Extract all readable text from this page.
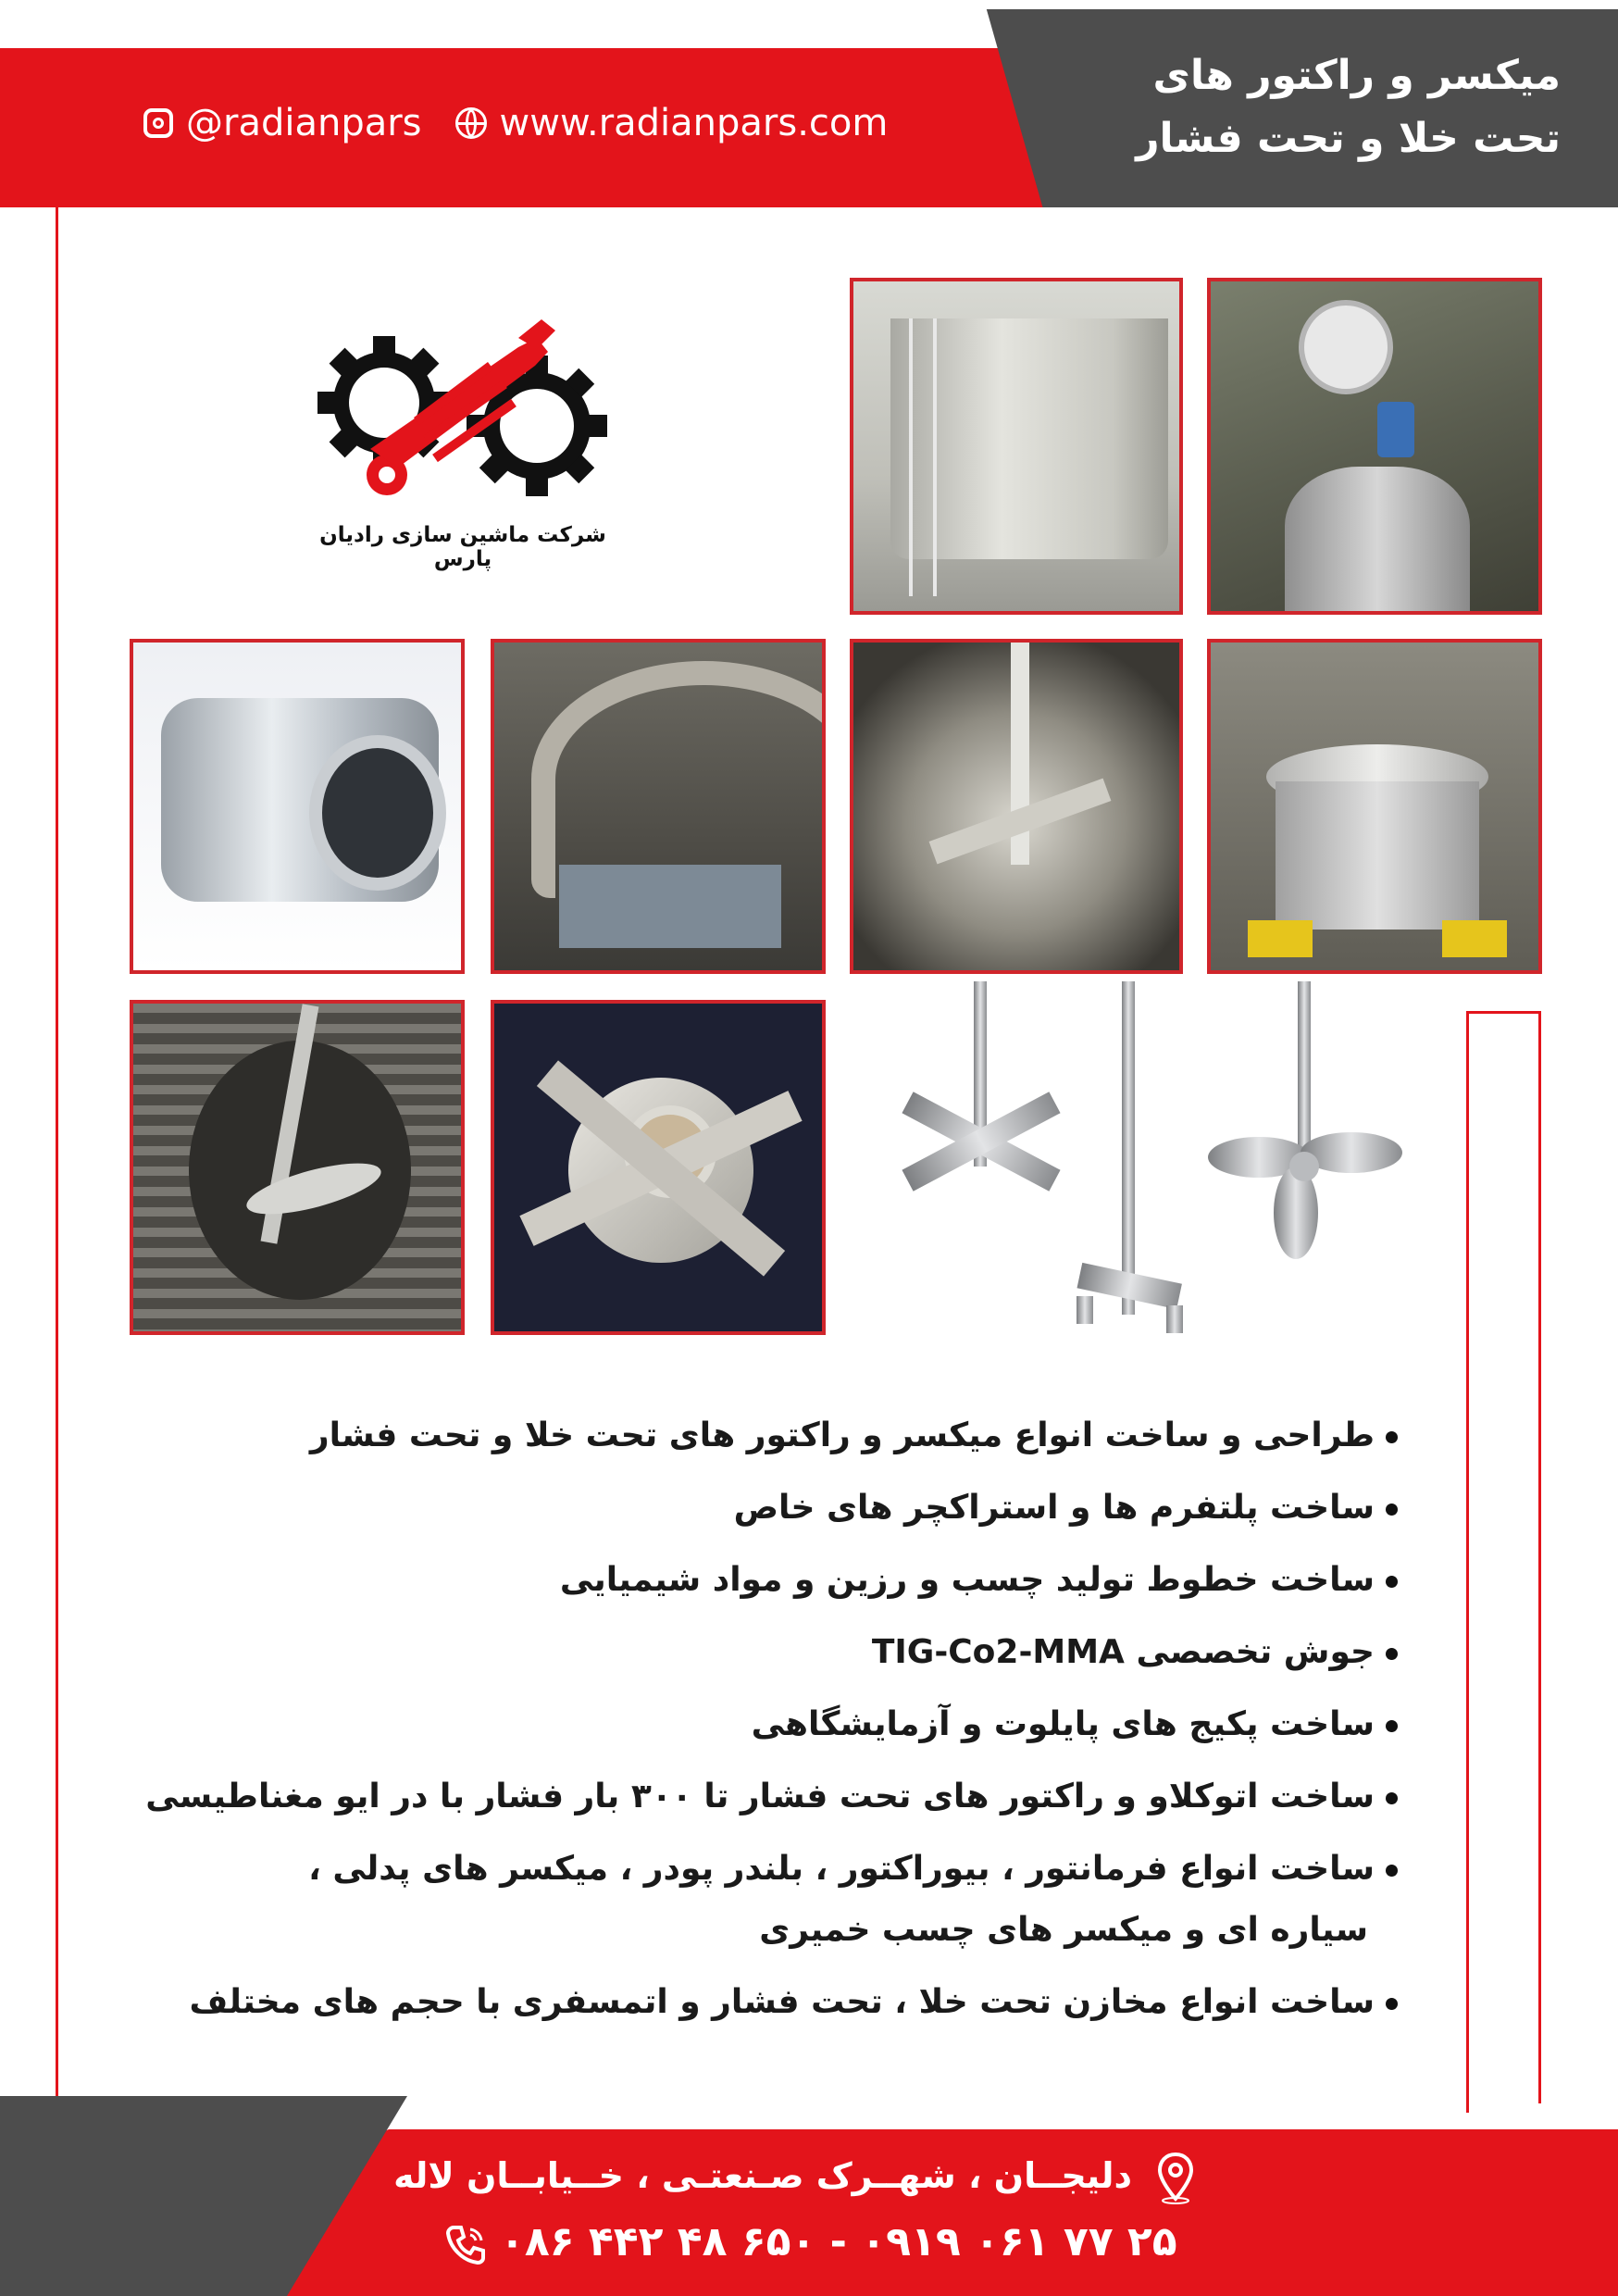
میکسر و راکتور های
تحت خلا و تحت فشار
@radianpars www.radianpars.com
شرکت ماشین سازی رادیان پارس
طراحی و ساخت انواع میکسر و راکتور های تحت خلا و تحت فشار
ساخت پلتفرم ها و استراکچر های خاص
ساخت خطوط تولید چسب و رزین و مواد شیمیایی
جوش تخصصی TIG-Co2-MMA
ساخت پکیج های پایلوت و آزمایشگاهی
ساخت اتوکلاو و راکتور های تحت فشار تا ۳۰۰ بار فشار با در ایو مغناطیسی
ساخت انواع فرمانتور ، بیوراکتور ، بلندر پودر ، میکسر های پدلی ،
سیاره ای و میکسر های چسب خمیری
ساخت انواع مخازن تحت خلا ، تحت فشار و اتمسفری با حجم های مختلف
دلیجــان ، شهــرک صـنعتـی ، خــیابــان لاله
۰۸۶ ۴۴۲ ۴۸ ۶۵۰ - ۰۹۱۹ ۰۶۱ ۷۷ ۲۵
